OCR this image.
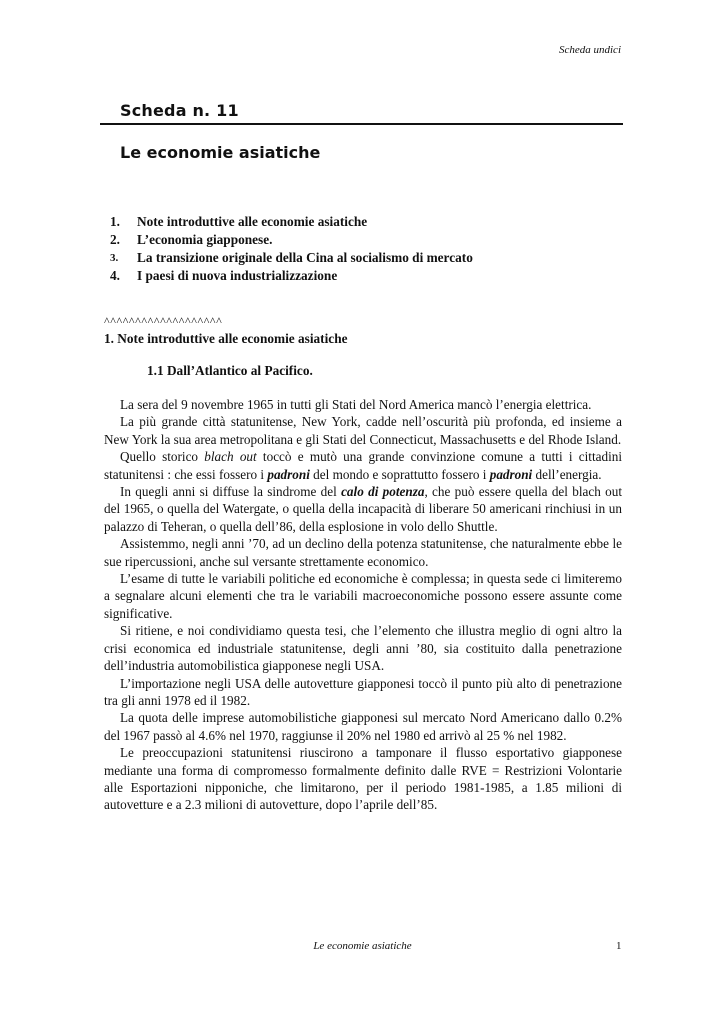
Scheda undici
Scheda n. 11
Le economie asiatiche
1.	Note introduttive alle economie asiatiche
2.	L’economia giapponese.
3.	La transizione originale della Cina al socialismo di mercato
4.	I paesi di nuova industrializzazione
^^^^^^^^^^^^^^^^^^^
1. Note introduttive alle economie asiatiche
1.1 Dall’Atlantico al Pacifico.

La sera del 9 novembre 1965 in tutti gli Stati del Nord America mancò l’energia elettrica.

La più grande città statunitense, New York, cadde nell’oscurità più profonda, ed insieme a New York la sua area metropolitana e gli Stati del Connecticut, Massachusetts e del Rhode Island.

Quello storico blach out toccò e mutò una grande convinzione comune a tutti i cittadini statunitensi : che essi fossero i padroni del mondo e soprattutto fossero i padroni dell’energia.

In quegli anni si diffuse la sindrome del calo di potenza, che può essere quella del blach out del 1965, o quella del Watergate, o quella della incapacità di liberare 50 americani rinchiusi in un palazzo di Teheran, o quella dell’86, della esplosione in volo dello Shuttle.

Assistemmo, negli anni ’70, ad un declino della potenza statunitense, che naturalmente ebbe le sue ripercussioni, anche sul versante strettamente economico.

L’esame di tutte le variabili politiche ed economiche è complessa; in questa sede ci limiteremo a segnalare alcuni elementi che tra le variabili macroeconomiche possono essere assunte come significative.

Si ritiene, e noi condividiamo questa tesi, che l’elemento che illustra meglio di ogni altro la crisi economica ed industriale statunitense, degli anni ’80, sia costituito dalla penetrazione dell’industria automobilistica giapponese negli USA.

L’importazione negli USA delle autovetture giapponesi toccò il punto più alto di penetrazione tra gli anni 1978 ed il 1982.

La quota delle imprese automobilistiche giapponesi sul mercato Nord Americano dallo 0.2% del 1967 passò al 4.6% nel 1970, raggiunse il 20% nel 1980 ed arrivò al 25 % nel 1982.

Le preoccupazioni statunitensi riuscirono a tamponare il flusso esportativo giapponese mediante una forma di compromesso formalmente definito dalle RVE = Restrizioni Volontarie alle Esportazioni nipponiche, che limitarono, per il periodo 1981-1985, a 1.85 milioni di autovetture e a 2.3 milioni di autovetture, dopo l’aprile dell’85.

Le economie asiatiche	1
